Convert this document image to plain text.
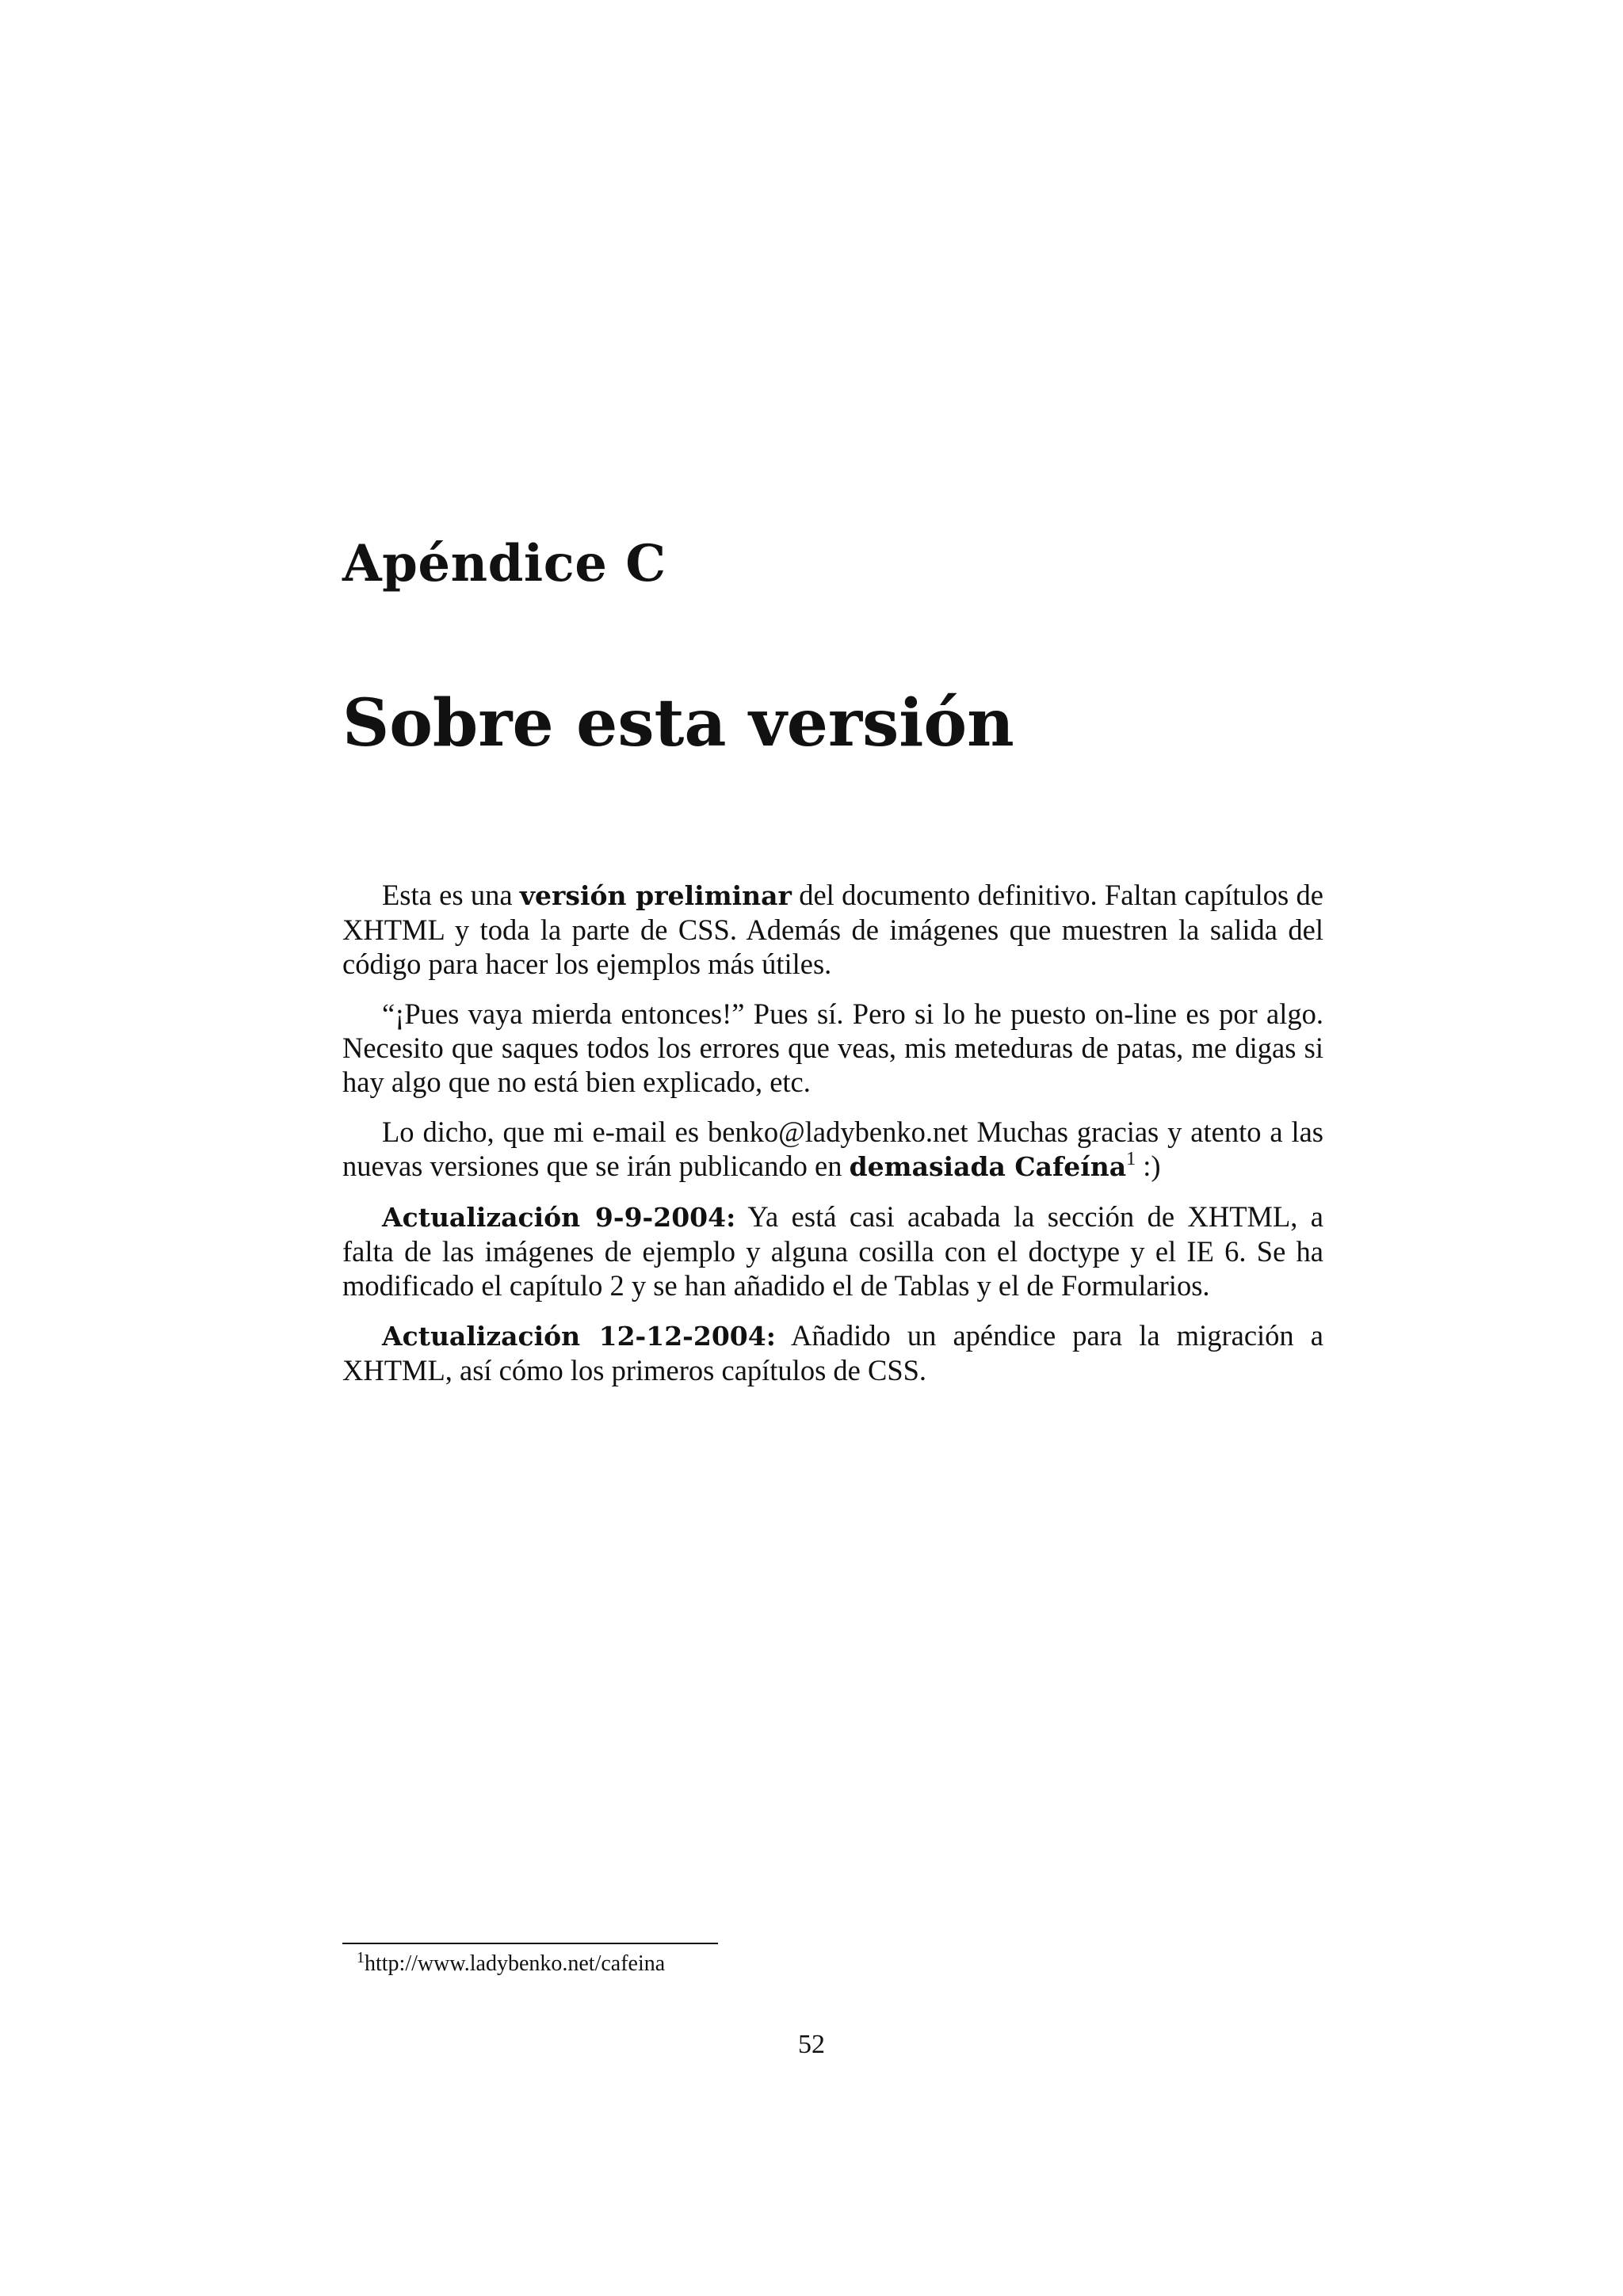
Apéndice C
Sobre esta versión

Esta es una versión preliminar del documento definitivo. Faltan capítulos de XHTML y toda la parte de CSS. Además de imágenes que muestren la salida del código para hacer los ejemplos más útiles.

“¡Pues vaya mierda entonces!” Pues sí. Pero si lo he puesto on-line es por algo. Necesito que saques todos los errores que veas, mis meteduras de patas, me digas si hay algo que no está bien explicado, etc.

Lo dicho, que mi e-mail es benko@ladybenko.net Muchas gracias y atento a las nuevas versiones que se irán publicando en demasiada Cafeína$^1$ :)

Actualización 9-9-2004: Ya está casi acabada la sección de XHTML, a falta de las imágenes de ejemplo y alguna cosilla con el doctype y el IE 6. Se ha modificado el capítulo 2 y se han añadido el de Tablas y el de Formularios.

Actualización 12-12-2004: Añadido un apéndice para la migración a XHTML, así cómo los primeros capítulos de CSS.

$^1$http://www.ladybenko.net/cafeina
52
